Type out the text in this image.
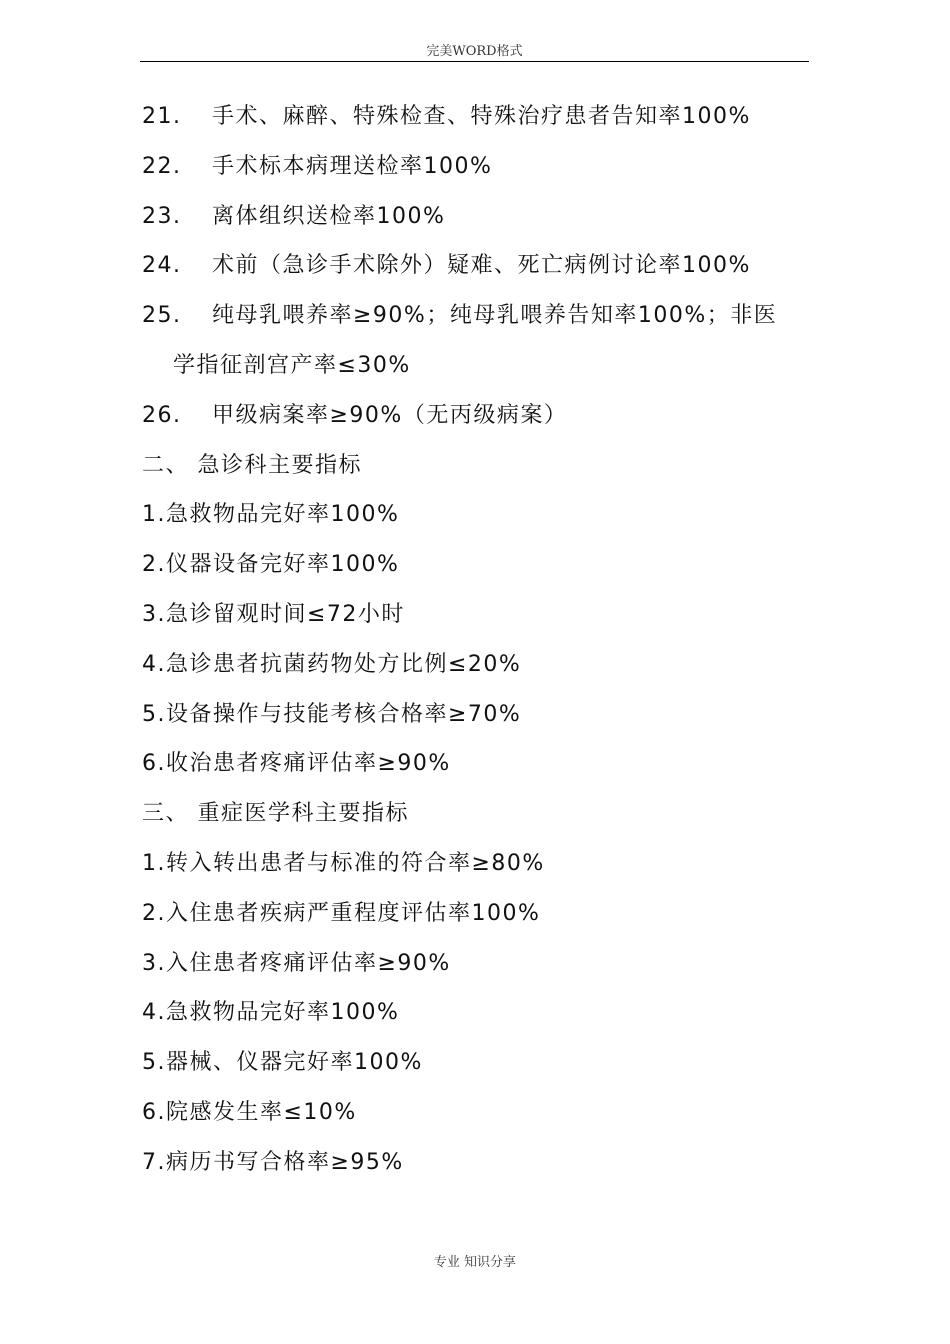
完美WORD格式
21. 手术、麻醉、特殊检查、特殊治疗患者告知率100%
22. 手术标本病理送检率100%
23. 离体组织送检率100%
24. 术前（急诊手术除外）疑难、死亡病例讨论率100%
25. 纯母乳喂养率≥90%；纯母乳喂养告知率100%；非医
学指征剖宫产率≤30%
26. 甲级病案率≥90%（无丙级病案）
二、 急诊科主要指标
1.急救物品完好率100%
2.仪器设备完好率100%
3.急诊留观时间≤72小时
4.急诊患者抗菌药物处方比例≤20%
5.设备操作与技能考核合格率≥70%
6.收治患者疼痛评估率≥90%
三、 重症医学科主要指标
1.转入转出患者与标准的符合率≥80%
2.入住患者疾病严重程度评估率100%
3.入住患者疼痛评估率≥90%
4.急救物品完好率100%
5.器械、仪器完好率100%
6.院感发生率≤10%
7.病历书写合格率≥95%
专业 知识分享
